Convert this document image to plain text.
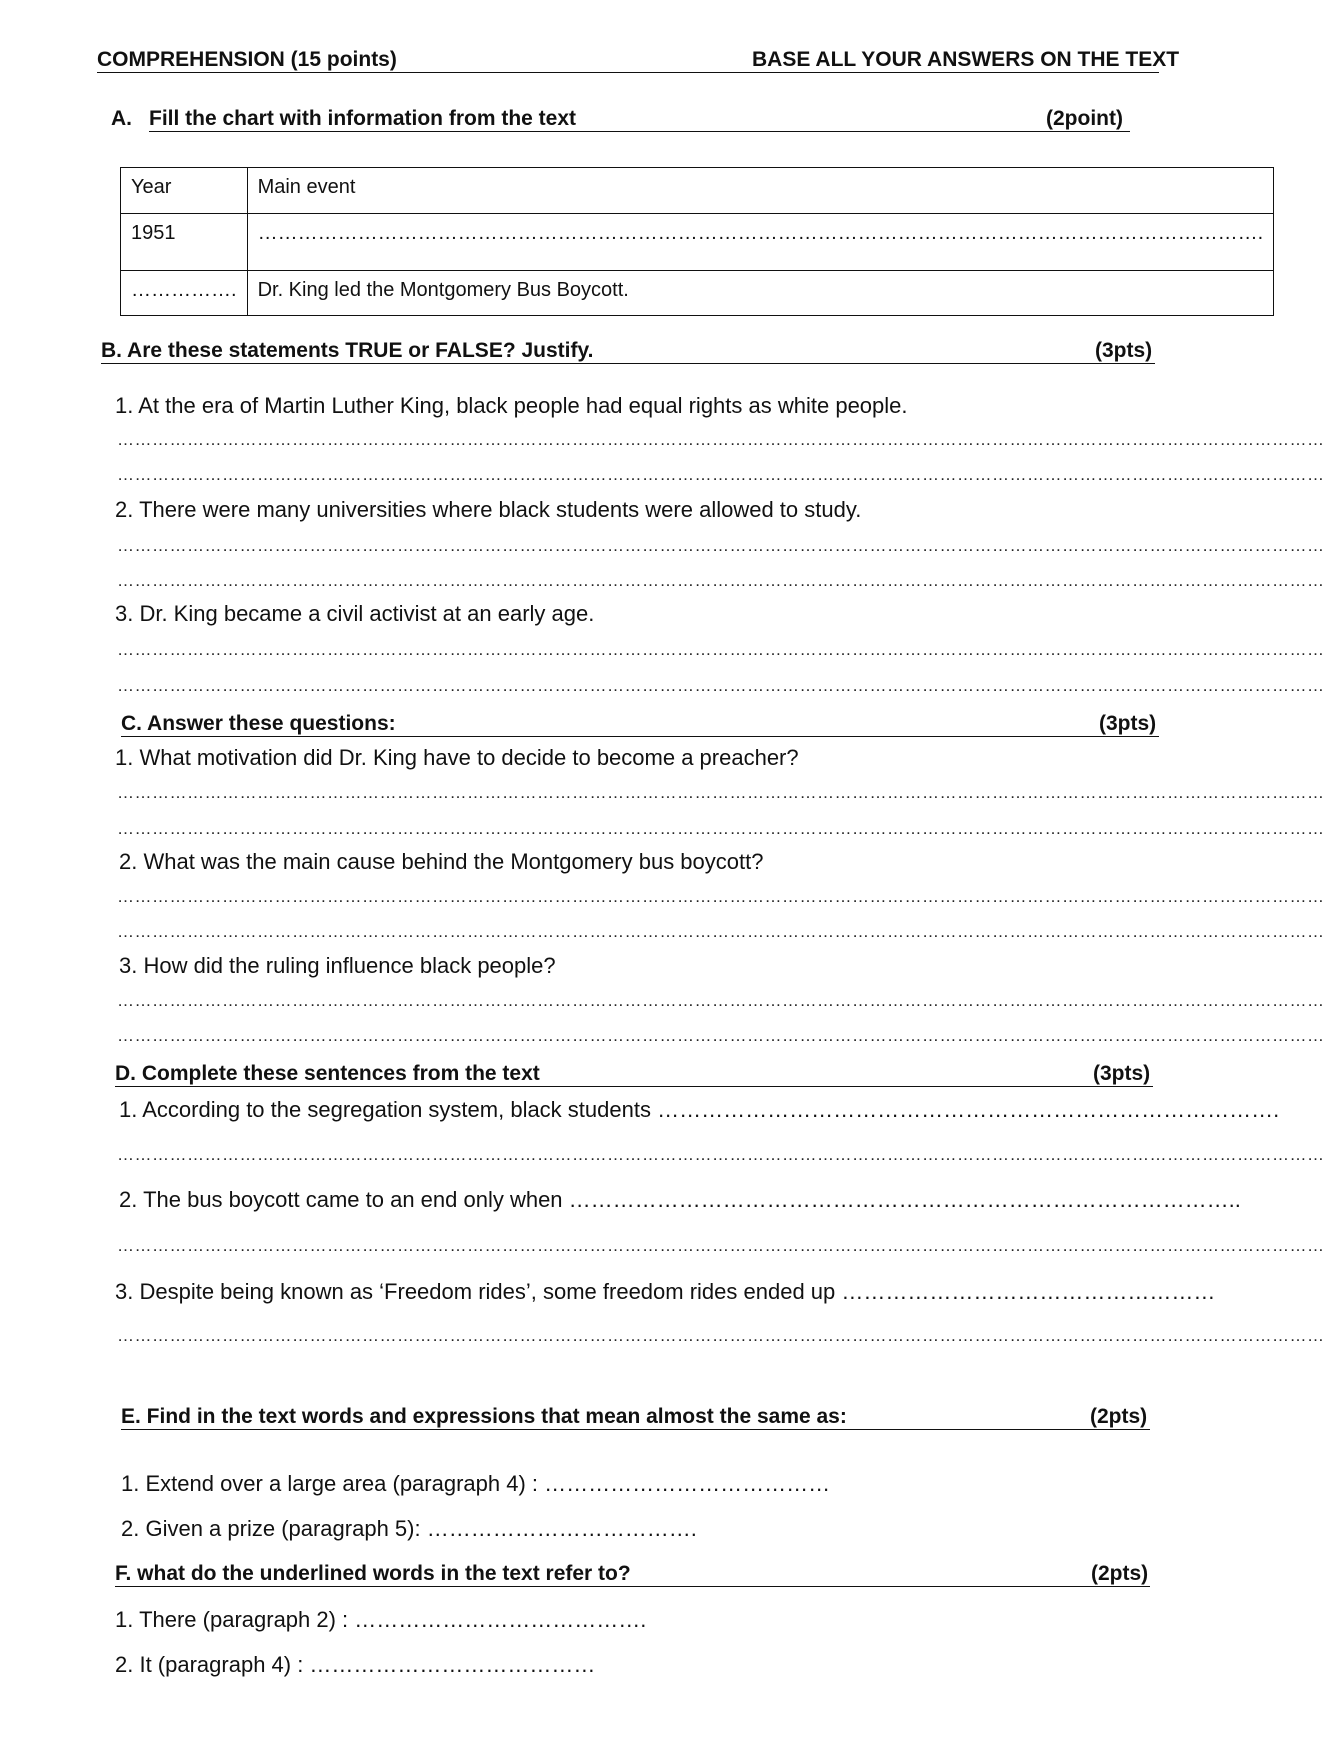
COMPREHENSION (15 points)	BASE ALL YOUR ANSWERS ON THE TEXT
A. Fill the chart with information from the text	(2point)
Year	Main event
1951	…………………………………………………………………………………………………………………………………….
…………….	Dr. King led the Montgomery Bus Boycott.
B. Are these statements TRUE or FALSE? Justify.	(3pts)
1. At the era of Martin Luther King, black people had equal rights as white people.
………………………………………………………………………………………………………………………………………………………………………………………
………………………………………………………………………………………………………………………………………………………………………………………
2. There were many universities where black students were allowed to study.
………………………………………………………………………………………………………………………………………………………………………………………
………………………………………………………………………………………………………………………………………………………………………………………
3. Dr. King became a civil activist at an early age.
………………………………………………………………………………………………………………………………………………………………………………………
………………………………………………………………………………………………………………………………………………………………………………………
C. Answer these questions:	(3pts)
1. What motivation did Dr. King have to decide to become a preacher?
………………………………………………………………………………………………………………………………………………………………………………………
………………………………………………………………………………………………………………………………………………………………………………………
2. What was the main cause behind the Montgomery bus boycott?
………………………………………………………………………………………………………………………………………………………………………………………
………………………………………………………………………………………………………………………………………………………………………………………
3. How did the ruling influence black people?
………………………………………………………………………………………………………………………………………………………………………………………
………………………………………………………………………………………………………………………………………………………………………………………
D. Complete these sentences from the text	(3pts)
1. According to the segregation system, black students ………………………………………………………………………….
………………………………………………………………………………………………………………………………………………………………………………………
2. The bus boycott came to an end only when ………………………………………………………………………………..
………………………………………………………………………………………………………………………………………………………………………………………
3. Despite being known as ‘Freedom rides’, some freedom rides ended up ……………………………………………
………………………………………………………………………………………………………………………………………………………………………………………
E. Find in the text words and expressions that mean almost the same as:	(2pts)
1. Extend over a large area (paragraph 4) : …………………………………
2. Given a prize (paragraph 5): ……………………………….
F. what do the underlined words in the text refer to?	(2pts)
1. There (paragraph 2) : ………………………………….
2. It (paragraph 4) : …………………………………
